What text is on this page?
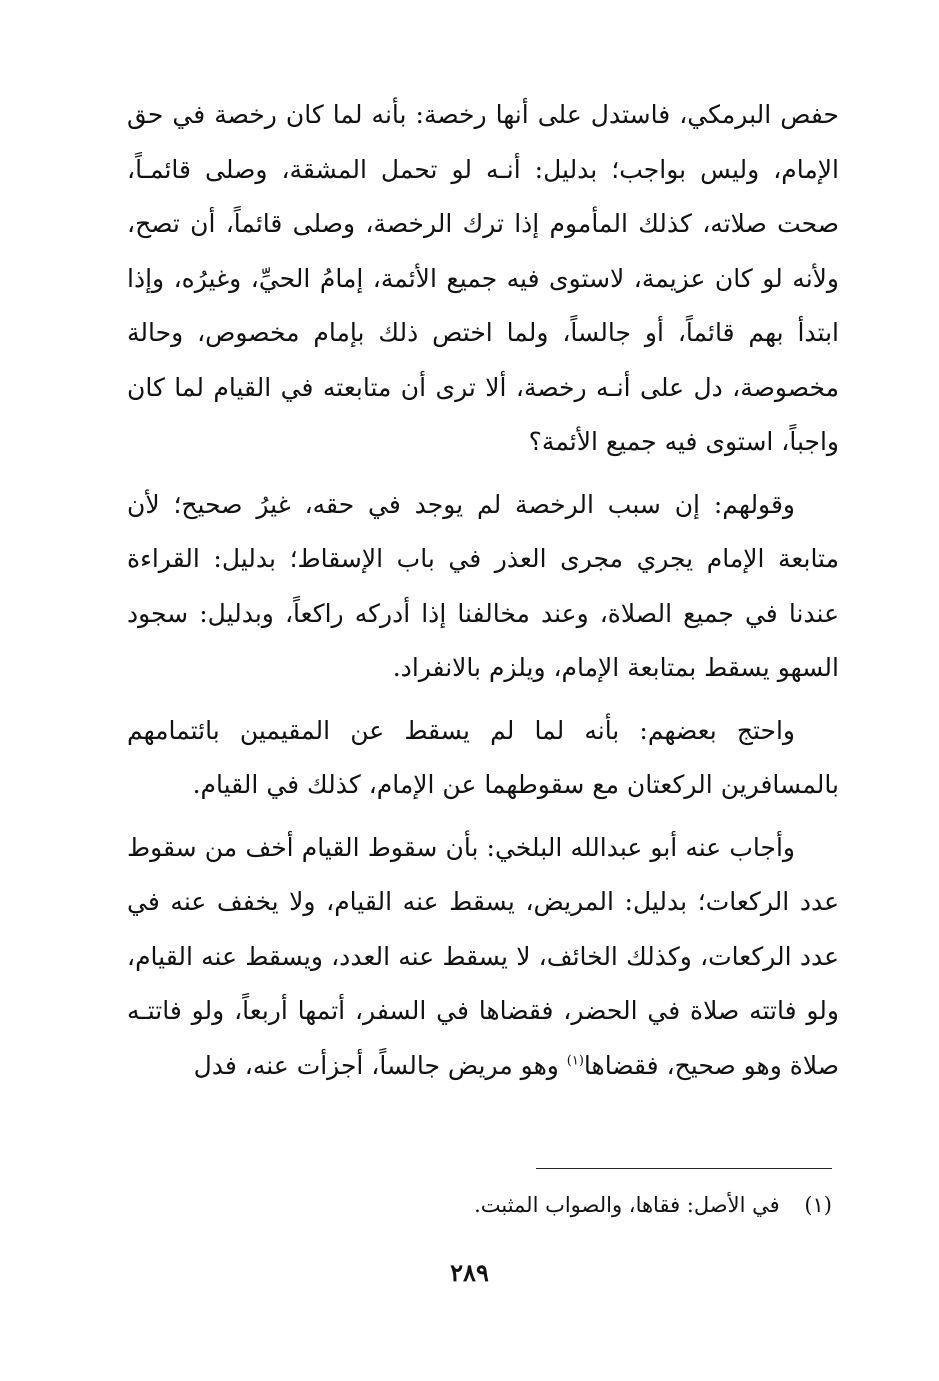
حفص البرمكي، فاستدل على أنها رخصة: بأنه لما كان رخصة في حق الإمام، وليس بواجب؛ بدليل: أنـه لو تحمل المشقة، وصلى قائمـاً، صحت صلاته، كذلك المأموم إذا ترك الرخصة، وصلى قائماً، أن تصح، ولأنه لو كان عزيمة، لاستوى فيه جميع الأئمة، إمامُ الحيِّ، وغيرُه، وإذا ابتدأ بهم قائماً، أو جالساً، ولما اختص ذلك بإمام مخصوص، وحالة مخصوصة، دل على أنـه رخصة، ألا ترى أن متابعته في القيام لما كان واجباً، استوى فيه جميع الأئمة؟

وقولهم: إن سبب الرخصة لم يوجد في حقه، غيرُ صحيح؛ لأن متابعة الإمام يجري مجرى العذر في باب الإسقاط؛ بدليل: القراءة عندنا في جميع الصلاة، وعند مخالفنا إذا أدركه راكعاً، وبدليل: سجود السهو يسقط بمتابعة الإمام، ويلزم بالانفراد.

واحتج بعضهم: بأنه لما لم يسقط عن المقيمين بائتمامهم بالمسافرين الركعتان مع سقوطهما عن الإمام، كذلك في القيام.

وأجاب عنه أبو عبدالله البلخي: بأن سقوط القيام أخف من سقوط عدد الركعات؛ بدليل: المريض، يسقط عنه القيام، ولا يخفف عنه في عدد الركعات، وكذلك الخائف، لا يسقط عنه العدد، ويسقط عنه القيام، ولو فاتته صلاة في الحضر، فقضاها في السفر، أتمها أربعاً، ولو فاتتـه صلاة وهو صحيح، فقضاها$^{(١)}$ وهو مريض جالساً، أجزأت عنه، فدل

(١) في الأصل: فقاها، والصواب المثبت.
٢٨٩
